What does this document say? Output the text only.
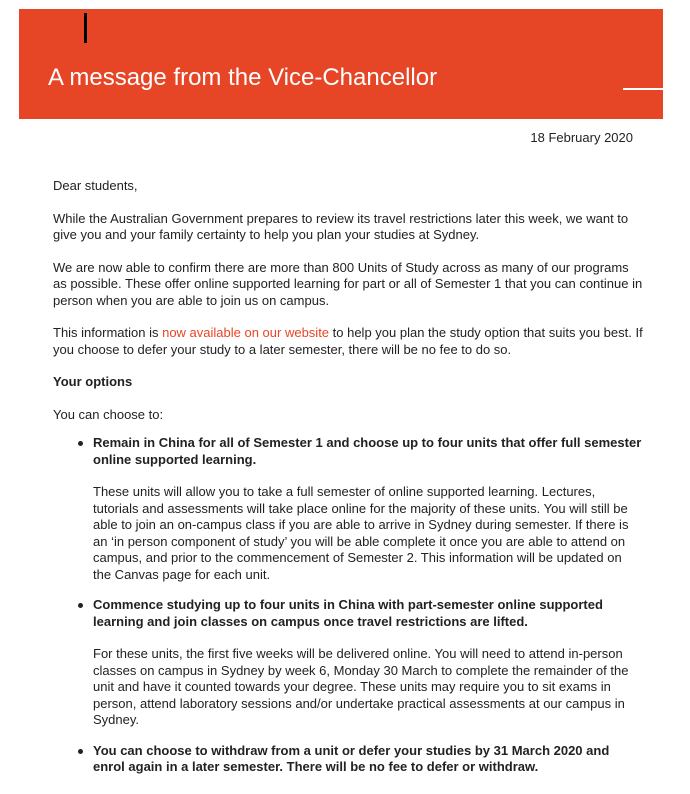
A message from the Vice-Chancellor
18 February 2020

Dear students,

While the Australian Government prepares to review its travel restrictions later this week, we want to give you and your family certainty to help you plan your studies at Sydney.

We are now able to confirm there are more than 800 Units of Study across as many of our programs as possible. These offer online supported learning for part or all of Semester 1 that you can continue in person when you are able to join us on campus.

This information is now available on our website to help you plan the study option that suits you best. If you choose to defer your study to a later semester, there will be no fee to do so.

Your options

You can choose to:

Remain in China for all of Semester 1 and choose up to four units that offer full semester online supported learning.

These units will allow you to take a full semester of online supported learning. Lectures, tutorials and assessments will take place online for the majority of these units. You will still be able to join an on-campus class if you are able to arrive in Sydney during semester. If there is an ‘in person component of study’ you will be able complete it once you are able to attend on campus, and prior to the commencement of Semester 2. This information will be updated on the Canvas page for each unit.

Commence studying up to four units in China with part-semester online supported learning and join classes on campus once travel restrictions are lifted.

For these units, the first five weeks will be delivered online. You will need to attend in-person classes on campus in Sydney by week 6, Monday 30 March to complete the remainder of the unit and have it counted towards your degree. These units may require you to sit exams in person, attend laboratory sessions and/or undertake practical assessments at our campus in Sydney.

You can choose to withdraw from a unit or defer your studies by 31 March 2020 and enrol again in a later semester. There will be no fee to defer or withdraw.
